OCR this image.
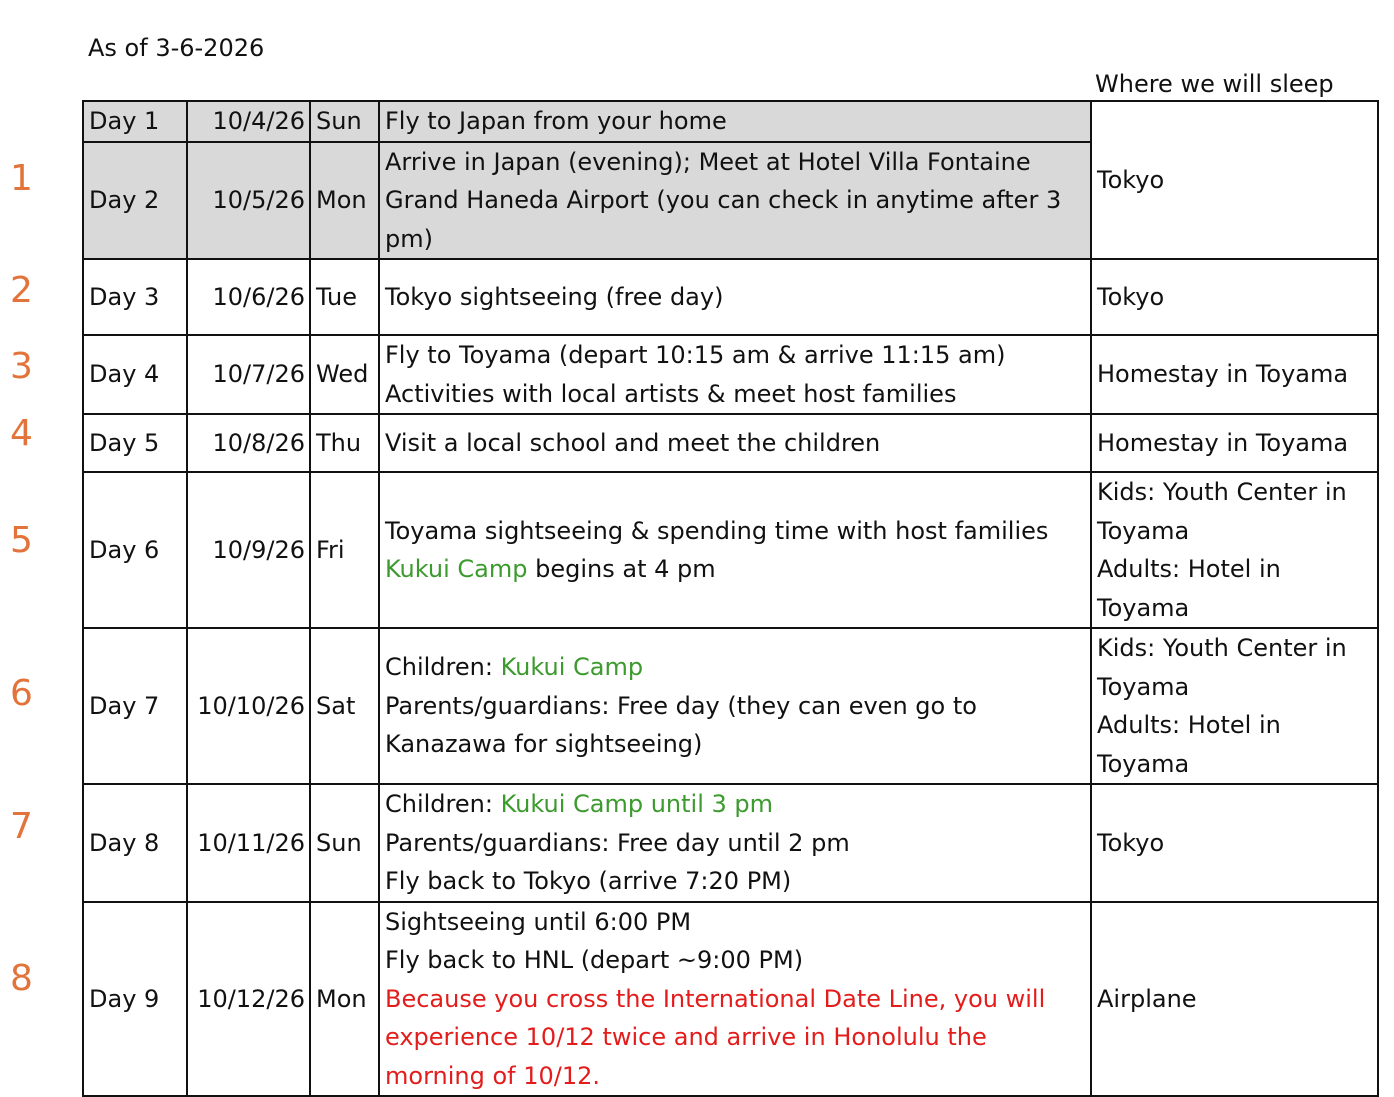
As of 3-6-2026
Where we will sleep
1
2
3
4
5
6
7
8
Day 1	10/4/26	Sun	Fly to Japan from your home	Tokyo
Day 2	10/5/26	Mon	Arrive in Japan (evening); Meet at Hotel Villa Fontaine Grand Haneda Airport (you can check in anytime after 3 pm)	

Day 3	10/6/26	Tue	Tokyo sightseeing (free day)	Tokyo
Day 4	10/7/26	Wed	Fly to Toyama (depart 10:15 am & arrive 11:15 am)
Activities with local artists & meet host families	Homestay in Toyama
Day 5	10/8/26	Thu	Visit a local school and meet the children	Homestay in Toyama
Day 6	10/9/26	Fri	Toyama sightseeing & spending time with host families
Kukui Camp begins at 4 pm	Kids: Youth Center in
Toyama
Adults: Hotel in
Toyama

Day 7	10/10/26	Sat	Children: Kukui Camp
Parents/guardians: Free day (they can even go to
Kanazawa for sightseeing)	Kids: Youth Center in
Toyama
Adults: Hotel in
Toyama

Day 8	10/11/26	Sun	Children: Kukui Camp until 3 pm
Parents/guardians: Free day until 2 pm
Fly back to Tokyo (arrive 7:20 PM)	Tokyo
Day 9	10/12/26	Mon	Sightseeing until 6:00 PM
Fly back to HNL (depart ~9:00 PM)
Because you cross the International Date Line, you will
experience 10/12 twice and arrive in Honolulu the
morning of 10/12.	Airplane
